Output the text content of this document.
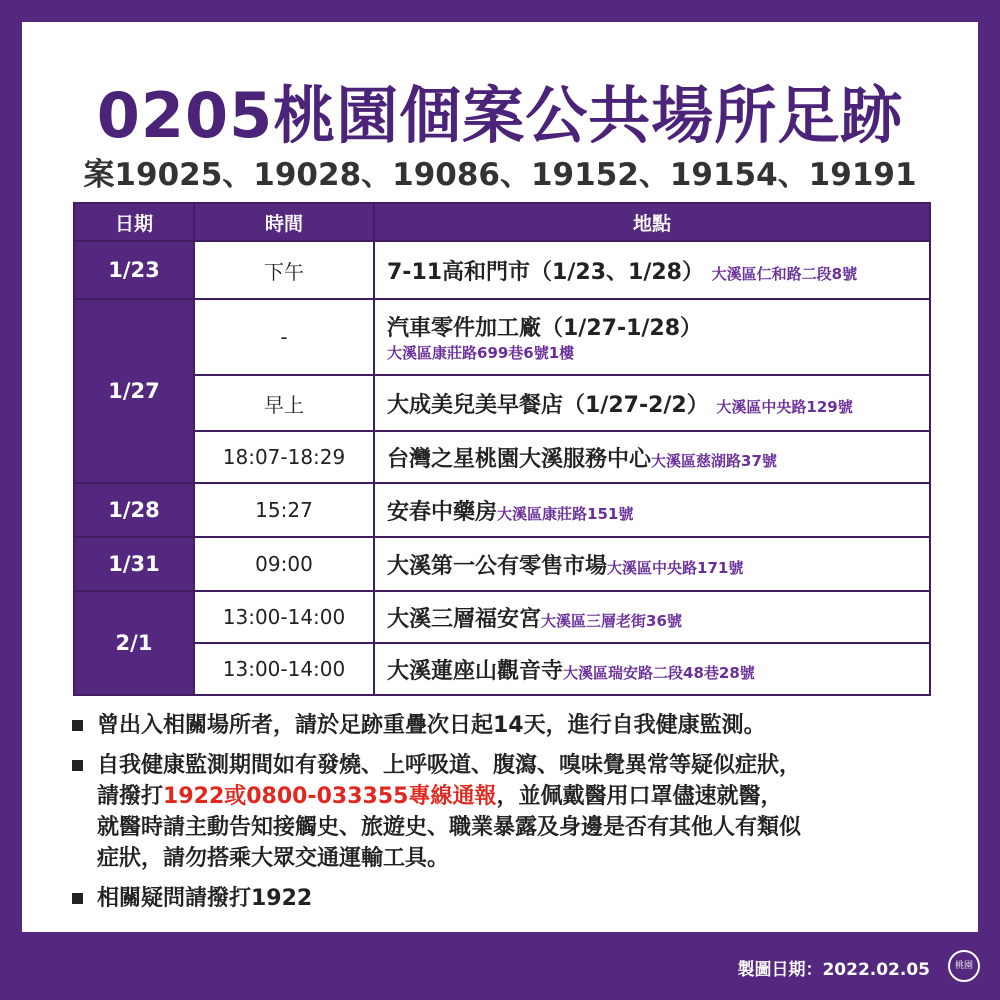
0205桃園個案公共場所足跡
案19025、19028、19086、19152、19154、19191
日期	時間	地點
1/23	下午	7-11高和門市（1/23、1/28） 大溪區仁和路二段8號
1/27	-	汽車零件加工廠（1/27-1/28）
大溪區康莊路699巷6號1樓

	早上	大成美兒美早餐店（1/27-2/2） 大溪區中央路129號
	18:07-18:29	台灣之星桃園大溪服務中心大溪區慈湖路37號
1/28	15:27	安春中藥房大溪區康莊路151號
1/31	09:00	大溪第一公有零售市場大溪區中央路171號
2/1	13:00-14:00	大溪三層福安宮大溪區三層老街36號
	13:00-14:00	大溪蓮座山觀音寺大溪區瑞安路二段48巷28號
曾出入相關場所者，請於足跡重疊次日起14天，進行自我健康監測。
自我健康監測期間如有發燒、上呼吸道、腹瀉、嗅味覺異常等疑似症狀，
請撥打1922或0800-033355專線通報，並佩戴醫用口罩儘速就醫，
就醫時請主動告知接觸史、旅遊史、職業暴露及身邊是否有其他人有類似
症狀，請勿搭乘大眾交通運輸工具。
相關疑問請撥打1922
製圖日期：2022.02.05	桃園
